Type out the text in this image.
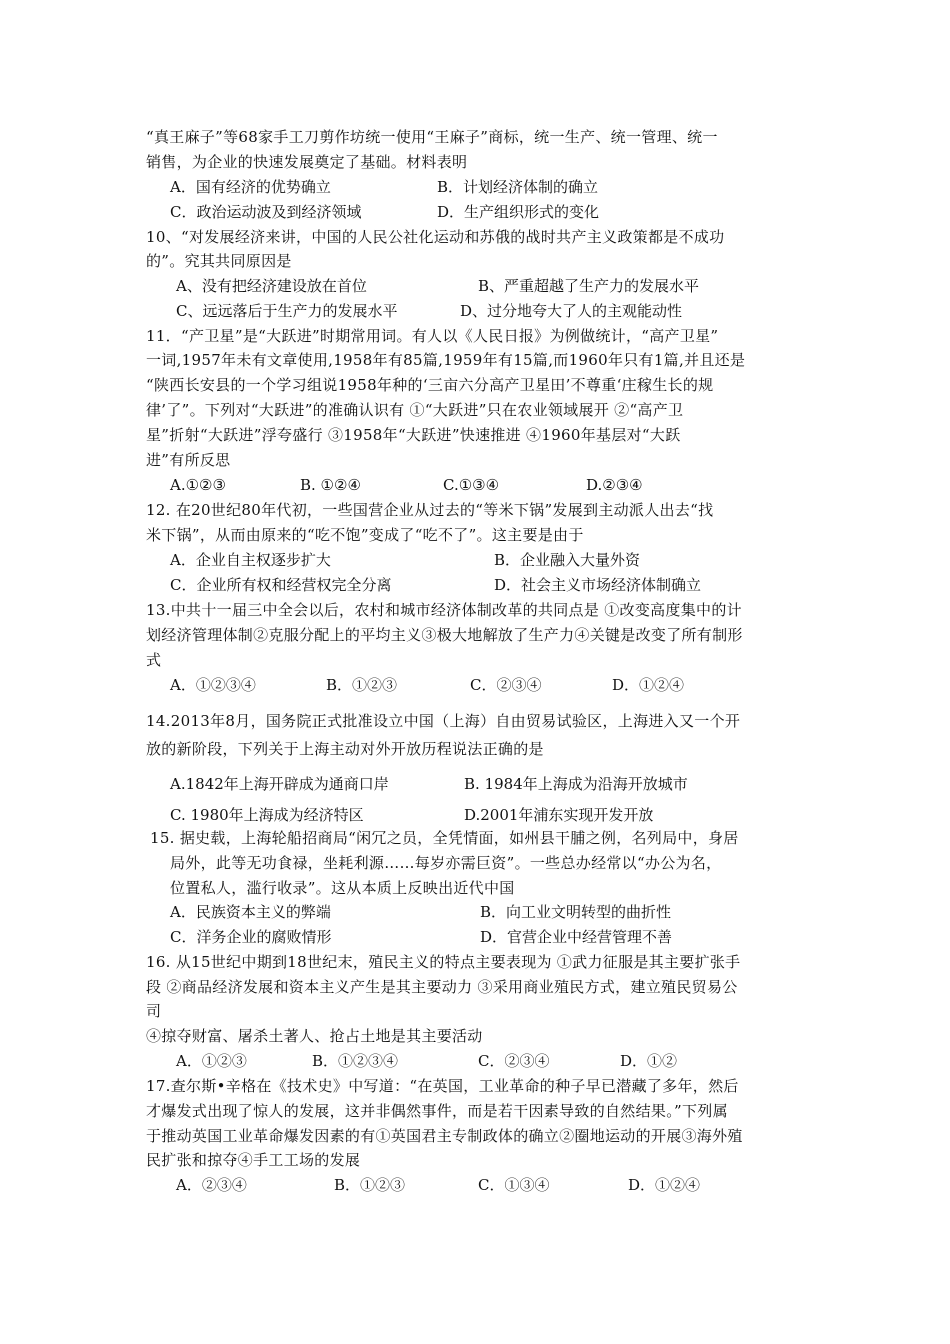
“真王麻子”等68家手工刀剪作坊统一使用“王麻子”商标，统一生产、统一管理、统一
销售，为企业的快速发展奠定了基础。材料表明
A．国有经济的优势确立	B．计划经济体制的确立
C．政治运动波及到经济领域	D．生产组织形式的变化
10、“对发展经济来讲，中国的人民公社化运动和苏俄的战时共产主义政策都是不成功
的”。究其共同原因是
A、没有把经济建设放在首位	B、严重超越了生产力的发展水平
C、远远落后于生产力的发展水平	D、过分地夸大了人的主观能动性
11．“产卫星”是“大跃进”时期常用词。有人以《人民日报》为例做统计，“高产卫星”
一词,1957年未有文章使用,1958年有85篇,1959年有15篇,而1960年只有1篇,并且还是
“陕西长安县的一个学习组说1958年种的‘三亩六分高产卫星田’不尊重‘庄稼生长的规
律’了”。下列对“大跃进”的准确认识有 ①“大跃进”只在农业领域展开 ②“高产卫
星”折射“大跃进”浮夸盛行 ③1958年“大跃进”快速推进 ④1960年基层对“大跃
进”有所反思
A.①②③	B. ①②④	C.①③④	D.②③④
12. 在20世纪80年代初，一些国营企业从过去的“等米下锅”发展到主动派人出去“找
米下锅”，从而由原来的“吃不饱”变成了“吃不了”。这主要是由于
A．企业自主权逐步扩大	B．企业融入大量外资
C．企业所有权和经营权完全分离	D．社会主义市场经济体制确立
13.中共十一届三中全会以后，农村和城市经济体制改革的共同点是 ①改变高度集中的计
划经济管理体制②克服分配上的平均主义③极大地解放了生产力④关键是改变了所有制形
式
A．①②③④	B．①②③	C．②③④	D．①②④
14.2013年8月，国务院正式批准设立中国（上海）自由贸易试验区，上海进入又一个开
放的新阶段，下列关于上海主动对外开放历程说法正确的是
A.1842年上海开辟成为通商口岸	B. 1984年上海成为沿海开放城市
C. 1980年上海成为经济特区	D.2001年浦东实现开发开放
15. 据史载，上海轮船招商局“闲冗之员，全凭情面，如州县干脯之例，名列局中，身居
局外，此等无功食禄，坐耗利源……每岁亦需巨资”。一些总办经常以“办公为名，
位置私人，滥行收录”。这从本质上反映出近代中国
A．民族资本主义的弊端	B．向工业文明转型的曲折性
C．洋务企业的腐败情形	D．官营企业中经营管理不善
16. 从15世纪中期到18世纪末，殖民主义的特点主要表现为 ①武力征服是其主要扩张手
段 ②商品经济发展和资本主义产生是其主要动力 ③采用商业殖民方式，建立殖民贸易公
司
④掠夺财富、屠杀土著人、抢占土地是其主要活动
A．①②③	B．①②③④	C．②③④	D．①②
17.查尔斯•辛格在《技术史》中写道：“在英国，工业革命的种子早已潜藏了多年，然后
才爆发式出现了惊人的发展，这并非偶然事件，而是若干因素导致的自然结果。”下列属
于推动英国工业革命爆发因素的有①英国君主专制政体的确立②圈地运动的开展③海外殖
民扩张和掠夺④手工工场的发展
A．②③④	B．①②③	C．①③④	D．①②④
